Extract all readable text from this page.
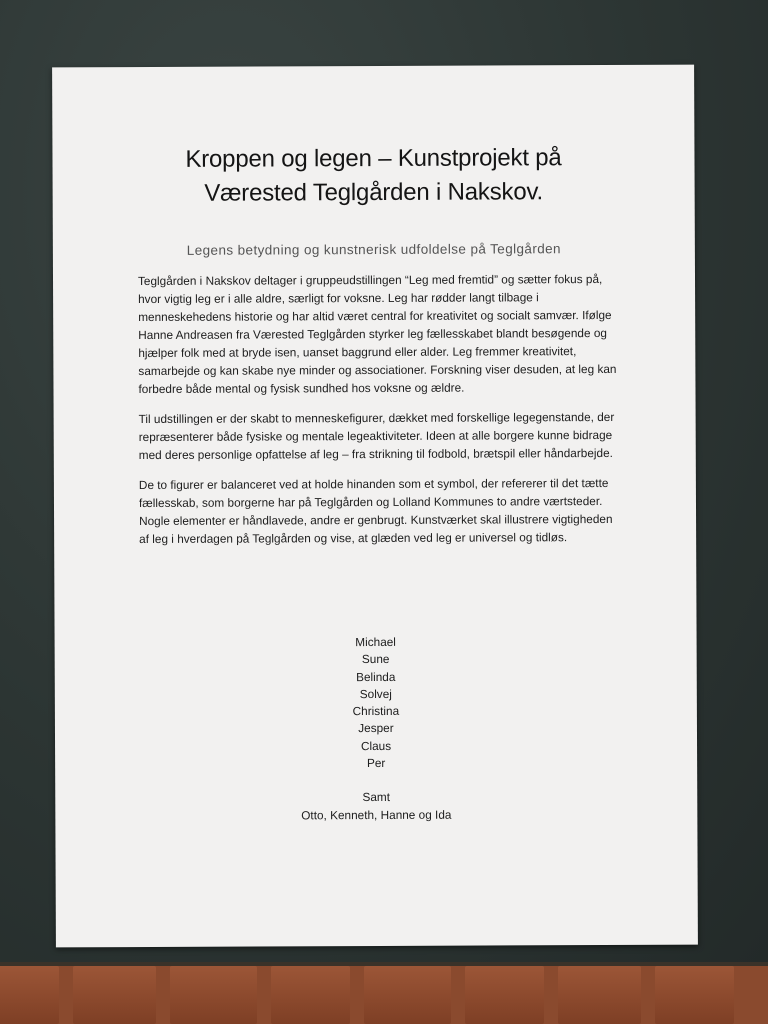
Kroppen og legen – Kunstprojekt på
Værested Teglgården i Nakskov.
Legens betydning og kunstnerisk udfoldelse på Teglgården

Teglgården i Nakskov deltager i gruppeudstillingen “Leg med fremtid” og sætter fokus på, hvor vigtig leg er i alle aldre, særligt for voksne. Leg har rødder langt tilbage i menneskehedens historie og har altid været central for kreativitet og socialt samvær. Ifølge Hanne Andreasen fra Værested Teglgården styrker leg fællesskabet blandt besøgende og hjælper folk med at bryde isen, uanset baggrund eller alder. Leg fremmer kreativitet, samarbejde og kan skabe nye minder og associationer. Forskning viser desuden, at leg kan forbedre både mental og fysisk sundhed hos voksne og ældre.

Til udstillingen er der skabt to menneskefigurer, dækket med forskellige legegenstande, der repræsenterer både fysiske og mentale legeaktiviteter. Ideen at alle borgere kunne bidrage med deres personlige opfattelse af leg – fra strikning til fodbold, brætspil eller håndarbejde.

De to figurer er balanceret ved at holde hinanden som et symbol, der refererer til det tætte fællesskab, som borgerne har på Teglgården og Lolland Kommunes to andre værtsteder. Nogle elementer er håndlavede, andre er genbrugt. Kunstværket skal illustrere vigtigheden af leg i hverdagen på Teglgården og vise, at glæden ved leg er universel og tidløs.

Michael
Sune
Belinda
Solvej
Christina
Jesper
Claus
Per
Samt
Otto, Kenneth, Hanne og Ida
